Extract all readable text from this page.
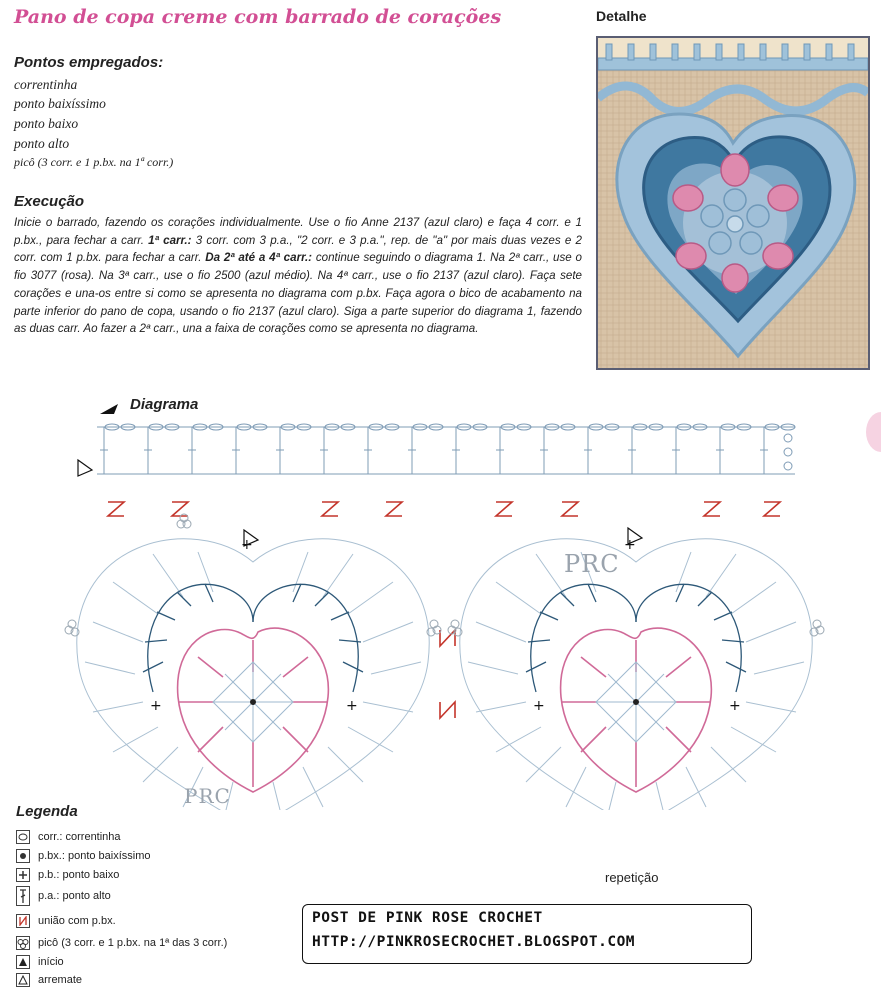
Pano de copa creme com barrado de corações
Pontos empregados:
correntinha
ponto baixíssimo
ponto baixo
ponto alto
picô (3 corr. e 1 p.bx. na 1ª corr.)
Execução
Inicie o barrado, fazendo os corações individualmente. Use o fio Anne 2137 (azul claro) e faça 4 corr. e 1 p.bx., para fechar a carr. 1ª carr.: 3 corr. com 3 p.a., "2 corr. e 3 p.a.", rep. de "a" por mais duas vezes e 2 corr. com 1 p.bx. para fechar a carr. Da 2ª até a 4ª carr.: continue seguindo o diagrama 1. Na 2ª carr., use o fio 3077 (rosa). Na 3ª carr., use o fio 2500 (azul médio). Na 4ª carr., use o fio 2137 (azul claro). Faça sete corações e una-os entre si como se apresenta no diagrama com p.bx. Faça agora o bico de acabamento na parte inferior do pano de copa, usando o fio 2137 (azul claro). Siga a parte superior do diagrama 1, fazendo as duas carr. Ao fazer a 2ª carr., una a faixa de corações como se apresenta no diagrama.
Detalhe
Diagrama
+
+	+
+
+	+
PRC
PRC
repetição
Legenda
corr.: correntinha
p.bx.: ponto baixíssimo
p.b.: ponto baixo
p.a.: ponto alto
união com p.bx.
picô (3 corr. e 1 p.bx. na 1ª das 3 corr.)
início
arremate
POST DE PINK ROSE CROCHET
HTTP://PINKROSECROCHET.BLOGSPOT.COM
